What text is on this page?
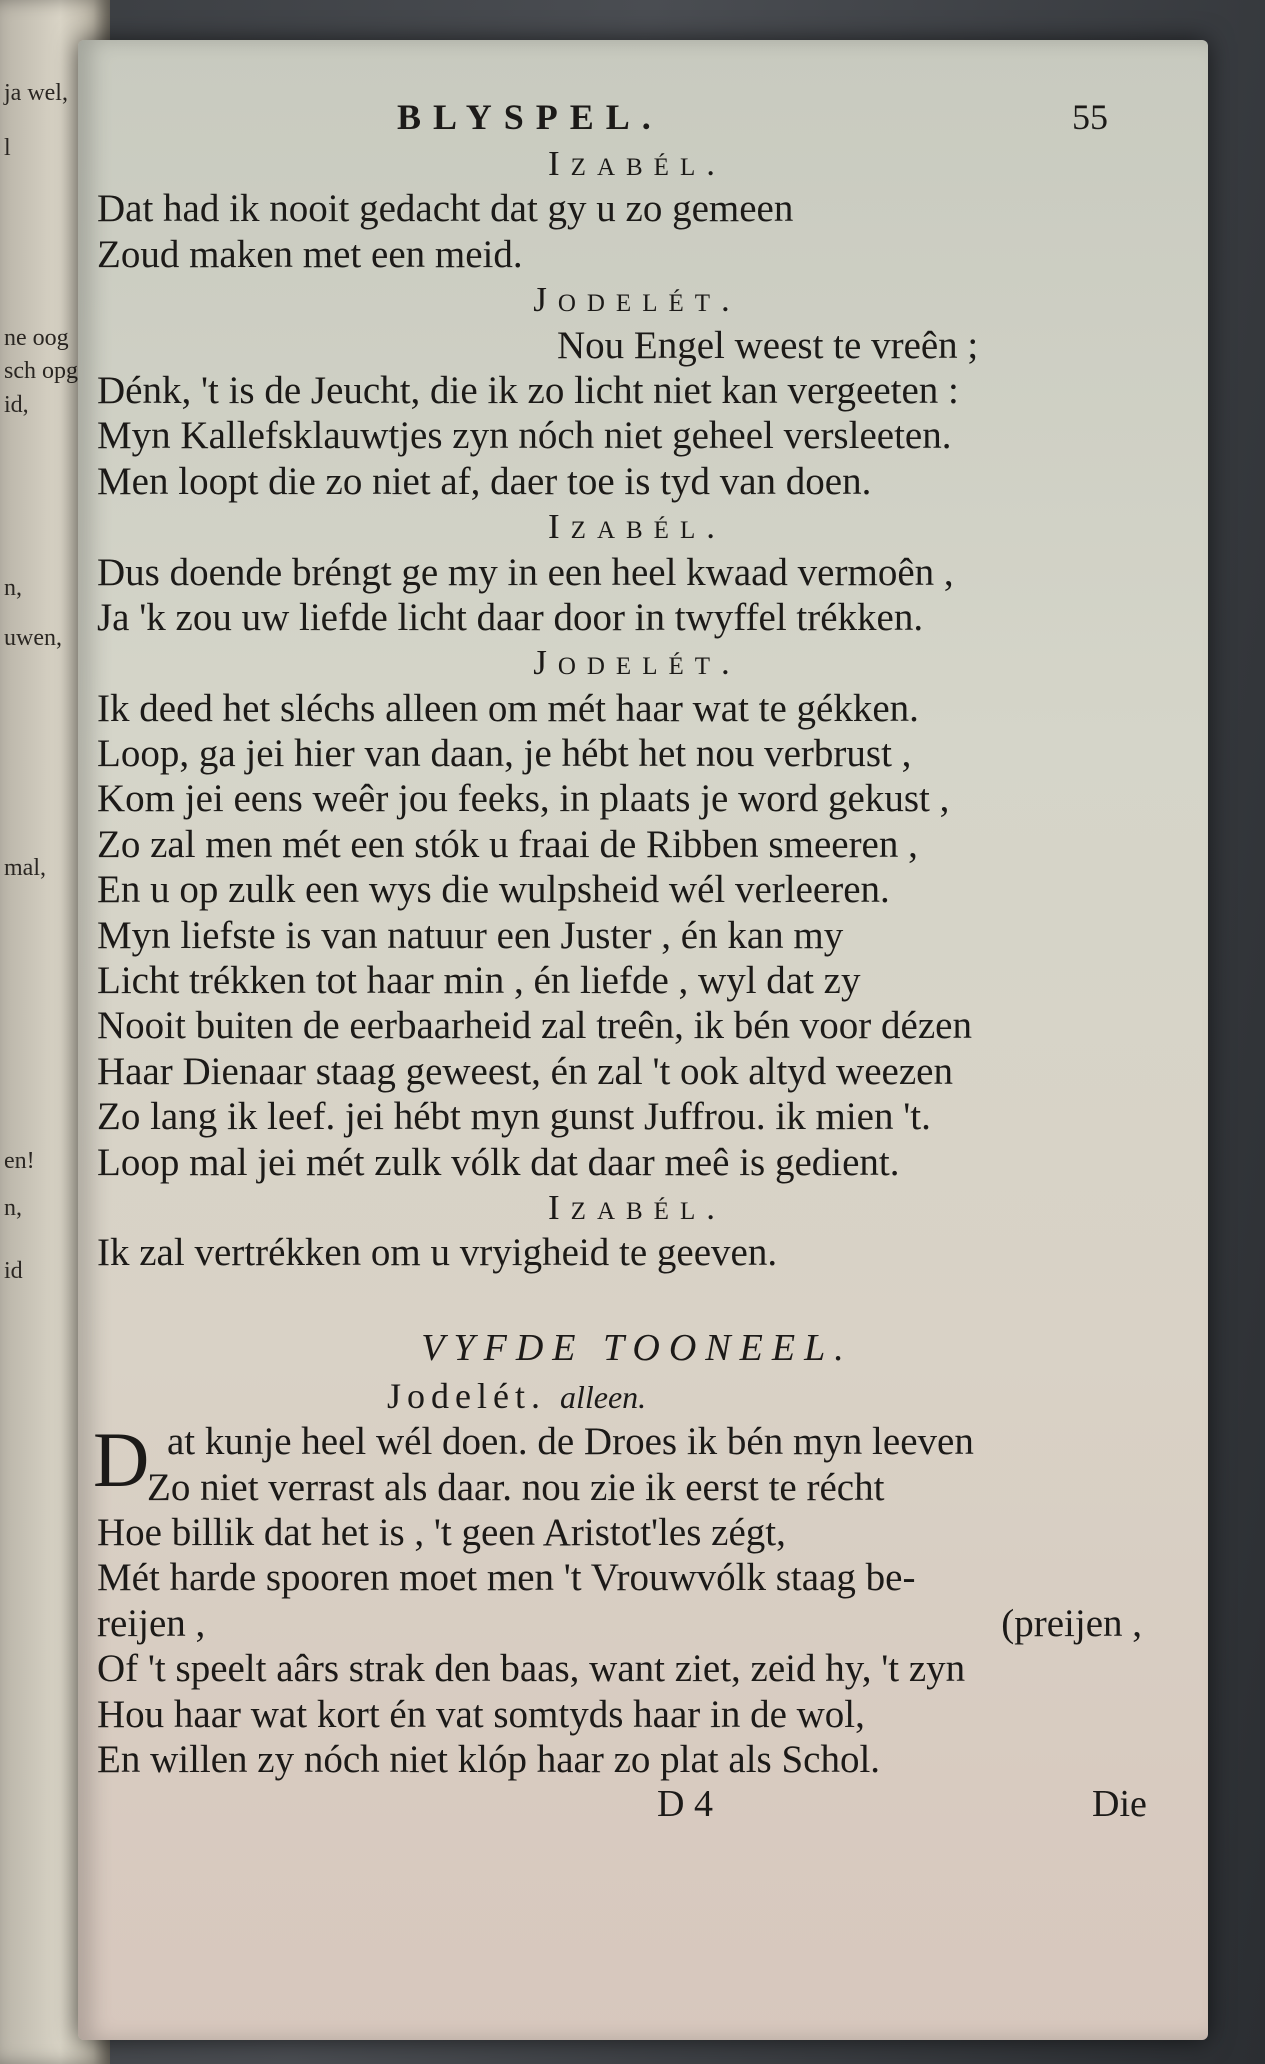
ja wel,
l
ne oog
sch opg
id,
n,
uwen,
mal,
en!
n,
id
BLYSPEL.	55
Izabél.
Dat had ik nooit gedacht dat gy u zo gemeen
Zoud maken met een meid.
Jodelét.
Nou Engel weest te vreên ;
Dénk, 't is de Jeucht, die ik zo licht niet kan vergeeten :
Myn Kallefsklauwtjes zyn nóch niet geheel versleeten.
Men loopt die zo niet af, daer toe is tyd van doen.
Izabél.
Dus doende bréngt ge my in een heel kwaad vermoên ,
Ja 'k zou uw liefde licht daar door in twyffel trékken.
Jodelét.
Ik deed het sléchs alleen om mét haar wat te gékken.
Loop, ga jei hier van daan, je hébt het nou verbrust ,
Kom jei eens weêr jou feeks, in plaats je word gekust ,
Zo zal men mét een stók u fraai de Ribben smeeren ,
En u op zulk een wys die wulpsheid wél verleeren.
Myn liefste is van natuur een Juster , én kan my
Licht trékken tot haar min , én liefde , wyl dat zy
Nooit buiten de eerbaarheid zal treên, ik bén voor dézen
Haar Dienaar staag geweest, én zal 't ook altyd weezen
Zo lang ik leef. jei hébt myn gunst Juffrou. ik mien 't.
Loop mal jei mét zulk vólk dat daar meê is gedient.
Izabél.
Ik zal vertrékken om u vryigheid te geeven.
VYFDE TOONEEL.
Jodelét. alleen.
D at kunje heel wél doen. de Droes ik bén myn leeven
Zo niet verrast als daar. nou zie ik eerst te récht
Hoe billik dat het is , 't geen Aristot'les zégt,
Mét harde spooren moet men 't Vrouwvólk staag be-
reijen ,	(preijen ,
Of 't speelt aârs strak den baas, want ziet, zeid hy, 't zyn
Hou haar wat kort én vat somtyds haar in de wol,
En willen zy nóch niet klóp haar zo plat als Schol.
D 4	Die
